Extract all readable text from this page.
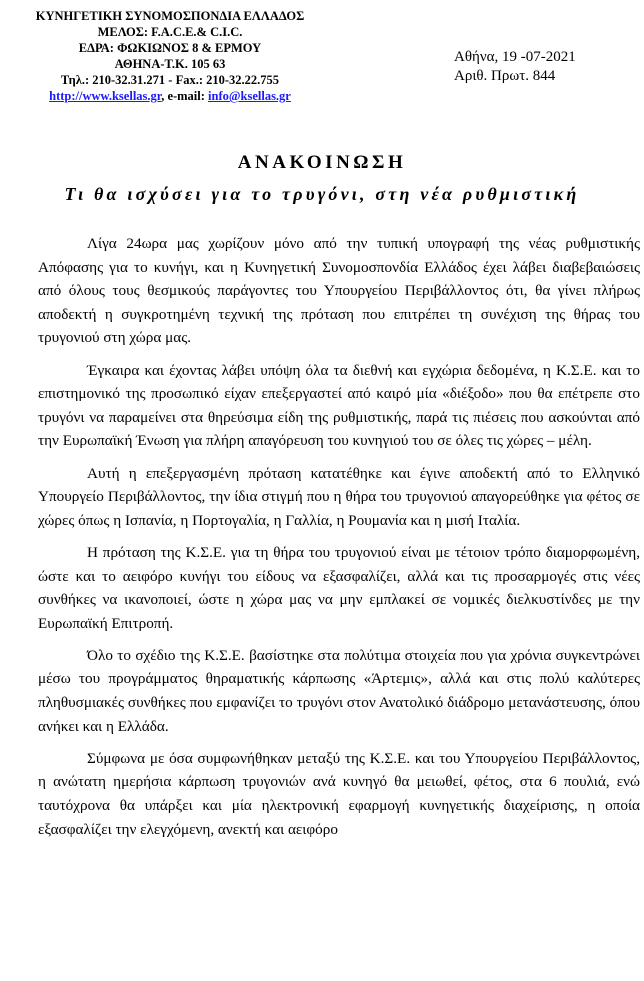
ΚΥΝΗΓΕΤΙΚΗ ΣΥΝΟΜΟΣΠΟΝΔΙΑ ΕΛΛΑΔΟΣ
ΜΕΛΟΣ: F.A.C.E.& C.I.C.
ΕΔΡΑ: ΦΩΚΙΩΝΟΣ 8 & ΕΡΜΟΥ
ΑΘΗΝΑ-Τ.Κ. 105 63
Τηλ.: 210-32.31.271 - Fax.: 210-32.22.755
http://www.ksellas.gr, e-mail: info@ksellas.gr
Αθήνα, 19 -07-2021
Αριθ. Πρωτ. 844
ΑΝΑΚΟΙΝΩΣΗ
Τι θα ισχύσει για το τρυγόνι, στη νέα ρυθμιστική

Λίγα 24ωρα μας χωρίζουν μόνο από την τυπική υπογραφή της νέας ρυθμιστικής Απόφασης για το κυνήγι, και η Κυνηγετική Συνομοσπονδία Ελλάδος έχει λάβει διαβεβαιώσεις από όλους τους θεσμικούς παράγοντες του Υπουργείου Περιβάλλοντος ότι, θα γίνει πλήρως αποδεκτή η συγκροτημένη τεχνική της πρόταση που επιτρέπει τη συνέχιση της θήρας του τρυγονιού στη χώρα μας.

Έγκαιρα και έχοντας λάβει υπόψη όλα τα διεθνή και εγχώρια δεδομένα, η Κ.Σ.Ε. και το επιστημονικό της προσωπικό είχαν επεξεργαστεί από καιρό μία «διέξοδο» που θα επέτρεπε στο τρυγόνι να παραμείνει στα θηρεύσιμα είδη της ρυθμιστικής, παρά τις πιέσεις που ασκούνται από την Ευρωπαϊκή Ένωση για πλήρη απαγόρευση του κυνηγιού του σε όλες τις χώρες – μέλη.

Αυτή η επεξεργασμένη πρόταση κατατέθηκε και έγινε αποδεκτή από το Ελληνικό Υπουργείο Περιβάλλοντος, την ίδια στιγμή που η θήρα του τρυγονιού απαγορεύθηκε για φέτος σε χώρες όπως η Ισπανία, η Πορτογαλία, η Γαλλία, η Ρουμανία και η μισή Ιταλία.

Η πρόταση της Κ.Σ.Ε. για τη θήρα του τρυγονιού είναι με τέτοιον τρόπο διαμορφωμένη, ώστε και το αειφόρο κυνήγι του είδους να εξασφαλίζει, αλλά και τις προσαρμογές στις νέες συνθήκες να ικανοποιεί, ώστε η χώρα μας να μην εμπλακεί σε νομικές διελκυστίνδες με την Ευρωπαϊκή Επιτροπή.

Όλο το σχέδιο της Κ.Σ.Ε. βασίστηκε στα πολύτιμα στοιχεία που για χρόνια συγκεντρώνει μέσω του προγράμματος θηραματικής κάρπωσης «Άρτεμις», αλλά και στις πολύ καλύτερες πληθυσμιακές συνθήκες που εμφανίζει το τρυγόνι στον Ανατολικό διάδρομο μετανάστευσης, όπου ανήκει και η Ελλάδα.

Σύμφωνα με όσα συμφωνήθηκαν μεταξύ της Κ.Σ.Ε. και του Υπουργείου Περιβάλλοντος, η ανώτατη ημερήσια κάρπωση τρυγονιών ανά κυνηγό θα μειωθεί, φέτος, στα 6 πουλιά, ενώ ταυτόχρονα θα υπάρξει και μία ηλεκτρονική εφαρμογή κυνηγετικής διαχείρισης, η οποία εξασφαλίζει την ελεγχόμενη, ανεκτή και αειφόρο
